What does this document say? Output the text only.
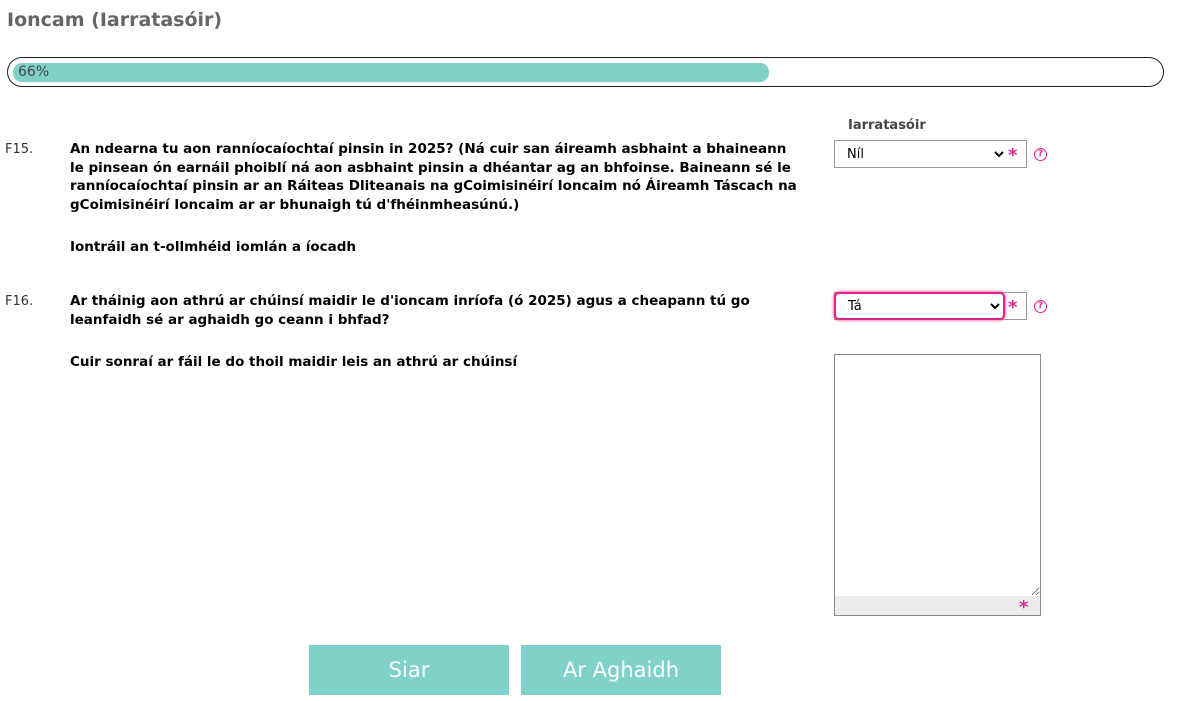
Ioncam (Iarratasóir)
66%
Iarratasóir
F15.	An ndearna tu aon ranníocaíochtaí pinsin in 2025? (Ná cuir san áireamh asbhaint a bhaineann le pinsean ón earnáil phoiblí ná aon asbhaint pinsin a dhéantar ag an bhfoinse. Baineann sé le ranníocaíochtaí pinsin ar an Ráiteas Dliteanais na gCoimisinéirí Ioncaim nó Áireamh Táscach na gCoimisinéirí Ioncaim ar ar bhunaigh tú d'fhéinmheasúnú.)
Iontráil an t-ollmhéid iomlán a íocadh
Níl
*	?
F16.	Ar tháinig aon athrú ar chúinsí maidir le d'ioncam inríofa (ó 2025) agus a cheapann tú go leanfaidh sé ar aghaidh go ceann i bhfad?
Cuir sonraí ar fáil le do thoil maidir leis an athrú ar chúinsí
Tá
*	?
*
Siar	Ar Aghaidh
